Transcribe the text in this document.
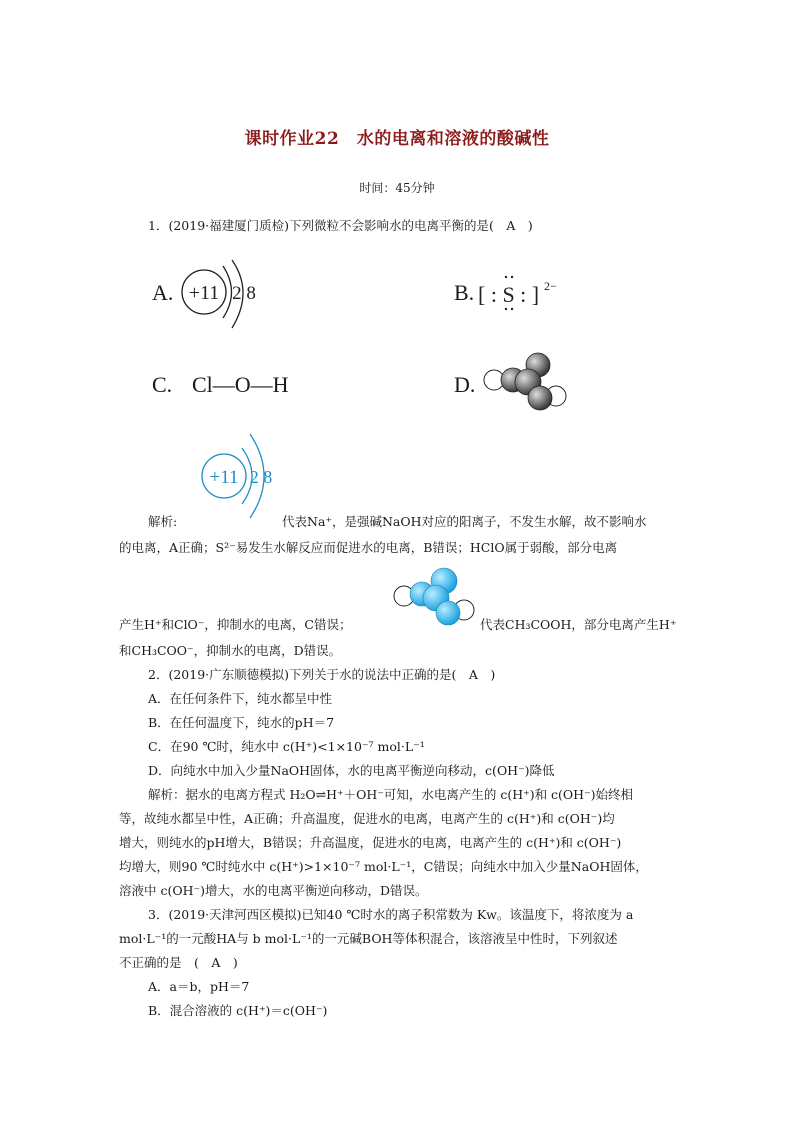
课时作业22　水的电离和溶液的酸碱性
时间：45分钟
1．(2019·福建厦门质检)下列微粒不会影响水的电离平衡的是(　A　)
A. +11 2 8	B. [ : S : ] 2−
C. Cl—O—H	D.
+11 2 8
解析:	代表Na⁺，是强碱NaOH对应的阳离子，不发生水解，故不影响水
的电离，A正确；S²⁻易发生水解反应而促进水的电离，B错误；HClO属于弱酸，部分电离
产生H⁺和ClO⁻，抑制水的电离，C错误；	代表CH₃COOH，部分电离产生H⁺
和CH₃COO⁻，抑制水的电离，D错误。
2．(2019·广东顺德模拟)下列关于水的说法中正确的是(　A　)
A．在任何条件下，纯水都呈中性
B．在任何温度下，纯水的pH＝7
C．在90 ℃时，纯水中 c(H⁺)<1×10⁻⁷ mol·L⁻¹
D．向纯水中加入少量NaOH固体，水的电离平衡逆向移动，c(OH⁻)降低
解析：据水的电离方程式 H₂O⇌H⁺＋OH⁻可知，水电离产生的 c(H⁺)和 c(OH⁻)始终相
等，故纯水都呈中性，A正确；升高温度，促进水的电离，电离产生的 c(H⁺)和 c(OH⁻)均
增大，则纯水的pH增大，B错误；升高温度，促进水的电离，电离产生的 c(H⁺)和 c(OH⁻)
均增大，则90 ℃时纯水中 c(H⁺)>1×10⁻⁷ mol·L⁻¹，C错误；向纯水中加入少量NaOH固体，
溶液中 c(OH⁻)增大，水的电离平衡逆向移动，D错误。
3．(2019·天津河西区模拟)已知40 ℃时水的离子积常数为 Kw。该温度下，将浓度为 a
mol·L⁻¹的一元酸HA与 b mol·L⁻¹的一元碱BOH等体积混合，该溶液呈中性时，下列叙述
不正确的是　(　A　)
A．a＝b，pH＝7
B．混合溶液的 c(H⁺)＝c(OH⁻)
